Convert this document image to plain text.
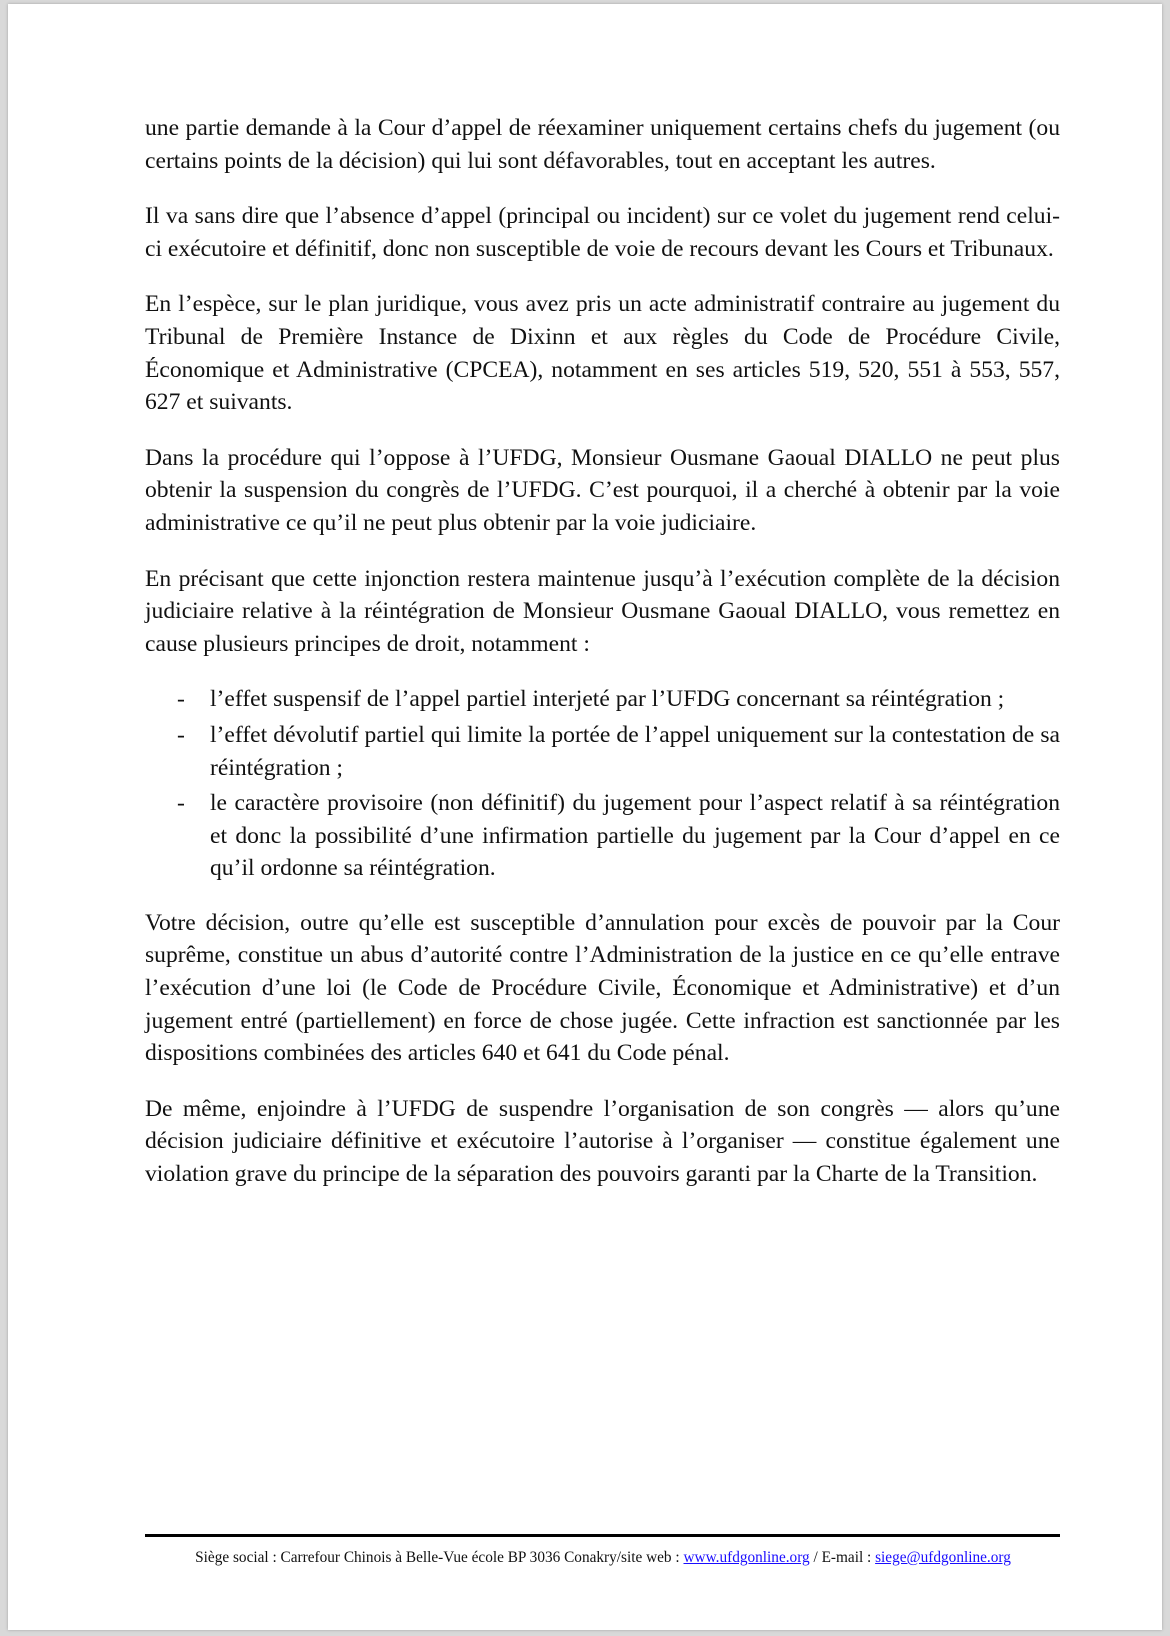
une partie demande à la Cour d’appel de réexaminer uniquement certains chefs du jugement (ou certains points de la décision) qui lui sont défavorables, tout en acceptant les autres.

Il va sans dire que l’absence d’appel (principal ou incident) sur ce volet du jugement rend celui-ci exécutoire et définitif, donc non susceptible de voie de recours devant les Cours et Tribunaux.

En l’espèce, sur le plan juridique, vous avez pris un acte administratif contraire au jugement du Tribunal de Première Instance de Dixinn et aux règles du Code de Procédure Civile, Économique et Administrative (CPCEA), notamment en ses articles 519, 520, 551 à 553, 557, 627 et suivants.

Dans la procédure qui l’oppose à l’UFDG, Monsieur Ousmane Gaoual DIALLO ne peut plus obtenir la suspension du congrès de l’UFDG. C’est pourquoi, il a cherché à obtenir par la voie administrative ce qu’il ne peut plus obtenir par la voie judiciaire.

En précisant que cette injonction restera maintenue jusqu’à l’exécution complète de la décision judiciaire relative à la réintégration de Monsieur Ousmane Gaoual DIALLO, vous remettez en cause plusieurs principes de droit, notamment :

- l’effet suspensif de l’appel partiel interjeté par l’UFDG concernant sa réintégration ;
- l’effet dévolutif partiel qui limite la portée de l’appel uniquement sur la contestation de sa réintégration ;
- le caractère provisoire (non définitif) du jugement pour l’aspect relatif à sa réintégration et donc la possibilité d’une infirmation partielle du jugement par la Cour d’appel en ce qu’il ordonne sa réintégration.

Votre décision, outre qu’elle est susceptible d’annulation pour excès de pouvoir par la Cour suprême, constitue un abus d’autorité contre l’Administration de la justice en ce qu’elle entrave l’exécution d’une loi (le Code de Procédure Civile, Économique et Administrative) et d’un jugement entré (partiellement) en force de chose jugée. Cette infraction est sanctionnée par les dispositions combinées des articles 640 et 641 du Code pénal.

De même, enjoindre à l’UFDG de suspendre l’organisation de son congrès — alors qu’une décision judiciaire définitive et exécutoire l’autorise à l’organiser — constitue également une violation grave du principe de la séparation des pouvoirs garanti par la Charte de la Transition.

Siège social : Carrefour Chinois à Belle-Vue école BP 3036 Conakry/site web : www.ufdgonline.org / E-mail : siege@ufdgonline.org
